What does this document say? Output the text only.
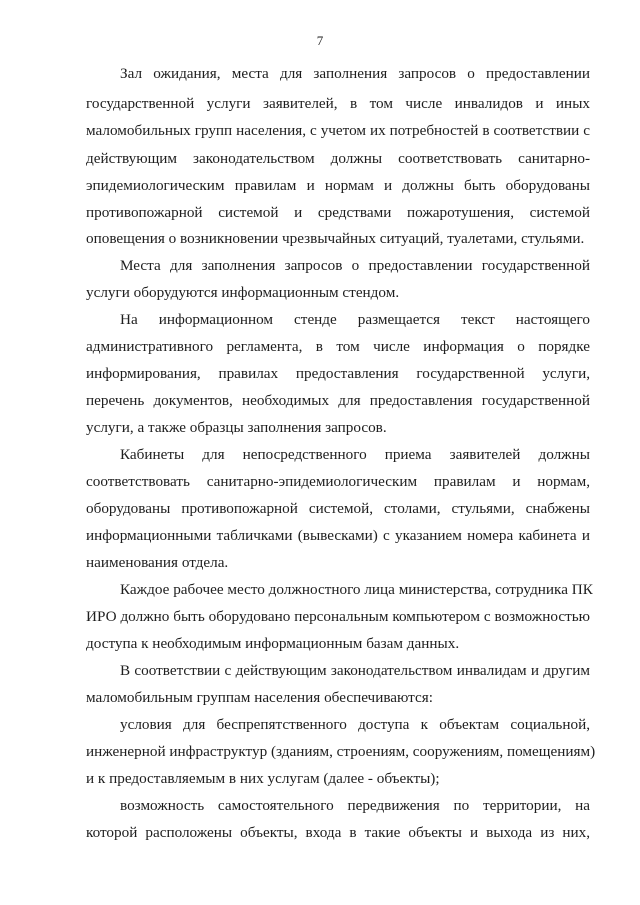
7
Зал ожидания, места для заполнения запросов о предоставлении
государственной услуги заявителей, в том числе инвалидов и иных
маломобильных групп населения, с учетом их потребностей в соответствии с
действующим законодательством должны соответствовать санитарно-
эпидемиологическим правилам и нормам и должны быть оборудованы
противопожарной системой и средствами пожаротушения, системой
оповещения о возникновении чрезвычайных ситуаций, туалетами, стульями.
Места для заполнения запросов о предоставлении государственной
услуги оборудуются информационным стендом.
На информационном стенде размещается текст настоящего
административного регламента, в том числе информация о порядке
информирования, правилах предоставления государственной услуги,
перечень документов, необходимых для предоставления государственной
услуги, а также образцы заполнения запросов.
Кабинеты для непосредственного приема заявителей должны
соответствовать санитарно-эпидемиологическим правилам и нормам,
оборудованы противопожарной системой, столами, стульями, снабжены
информационными табличками (вывесками) с указанием номера кабинета и
наименования отдела.
Каждое рабочее место должностного лица министерства, сотрудника ПК
ИРО должно быть оборудовано персональным компьютером с возможностью
доступа к необходимым информационным базам данных.
В соответствии с действующим законодательством инвалидам и другим
маломобильным группам населения обеспечиваются:
условия для беспрепятственного доступа к объектам социальной,
инженерной инфраструктур (зданиям, строениям, сооружениям, помещениям)
и к предоставляемым в них услугам (далее - объекты);
возможность самостоятельного передвижения по территории, на
которой расположены объекты, входа в такие объекты и выхода из них,
